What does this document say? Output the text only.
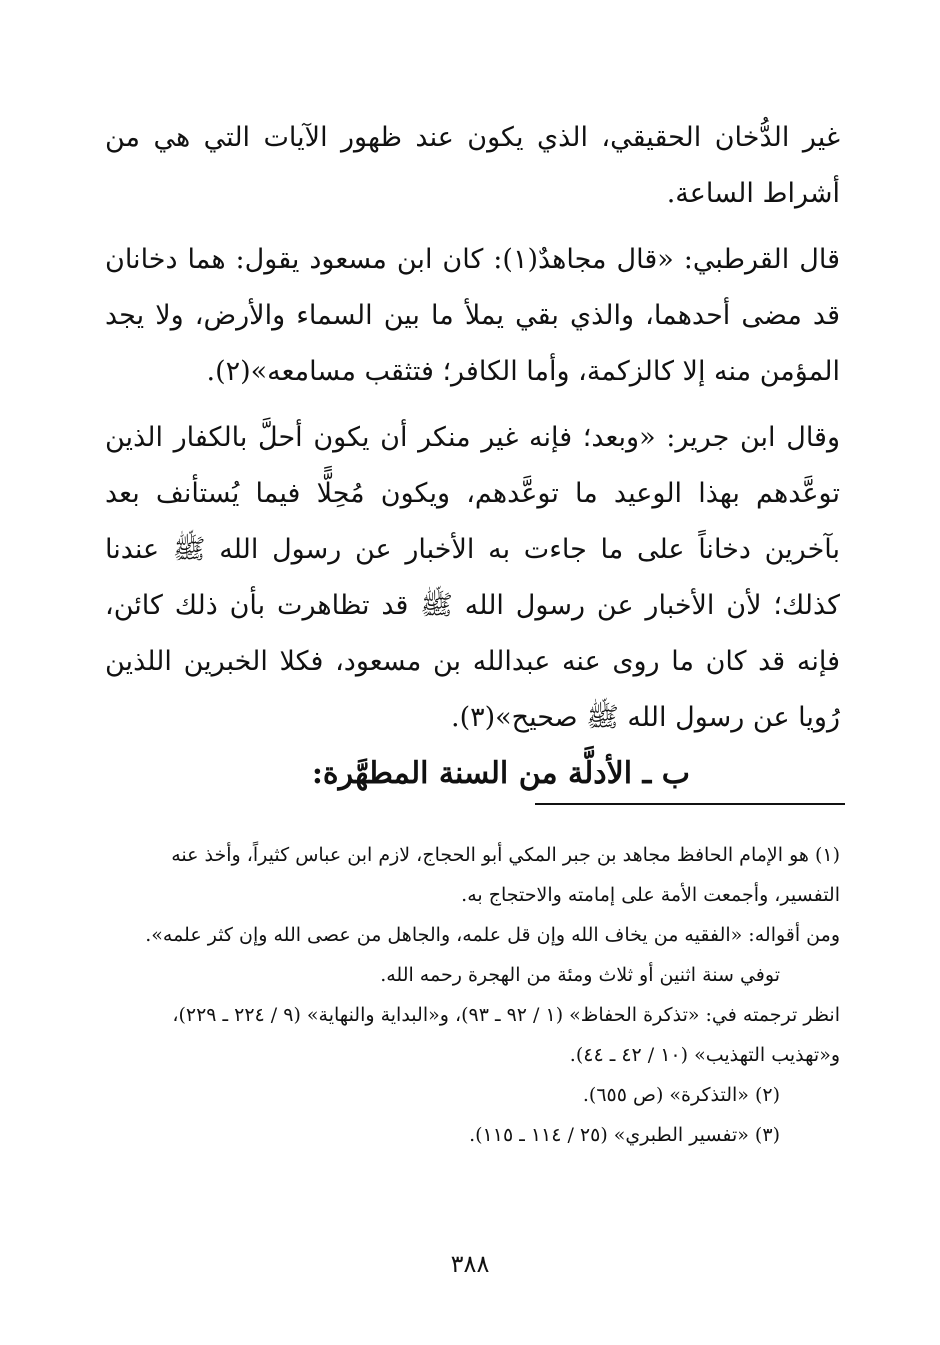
غير الدُّخان الحقيقي، الذي يكون عند ظهور الآيات التي هي من أشراط الساعة.

قال القرطبي: «قال مجاهدٌ(١): كان ابن مسعود يقول: هما دخانان قد مضى أحدهما، والذي بقي يملأ ما بين السماء والأرض، ولا يجد المؤمن منه إلا كالزكمة، وأما الكافر؛ فتثقب مسامعه»(٢).

وقال ابن جرير: «وبعد؛ فإنه غير منكر أن يكون أحلَّ بالكفار الذين توعَّدهم بهذا الوعيد ما توعَّدهم، ويكون مُحِلًّا فيما يُستأنف بعد بآخرين دخاناً على ما جاءت به الأخبار عن رسول الله ﷺ عندنا كذلك؛ لأن الأخبار عن رسول الله ﷺ قد تظاهرت بأن ذلك كائن، فإنه قد كان ما روى عنه عبدالله بن مسعود، فكلا الخبرين اللذين رُويا عن رسول الله ﷺ صحيح»(٣).

ب ـ الأدلَّة من السنة المطهَّرة:

(١) هو الإمام الحافظ مجاهد بن جبر المكي أبو الحجاج، لازم ابن عباس كثيراً، وأخذ عنه التفسير، وأجمعت الأمة على إمامته والاحتجاج به.

ومن أقواله: «الفقيه من يخاف الله وإن قل علمه، والجاهل من عصى الله وإن كثر علمه».

توفي سنة اثنين أو ثلاث ومئة من الهجرة رحمه الله.

انظر ترجمته في: «تذكرة الحفاظ» (١ / ٩٢ ـ ٩٣)، و«البداية والنهاية» (٩ / ٢٢٤ ـ ٢٢٩)، و«تهذيب التهذيب» (١٠ / ٤٢ ـ ٤٤).

(٢) «التذكرة» (ص ٦٥٥).

(٣) «تفسير الطبري» (٢٥ / ١١٤ ـ ١١٥).

٣٨٨
